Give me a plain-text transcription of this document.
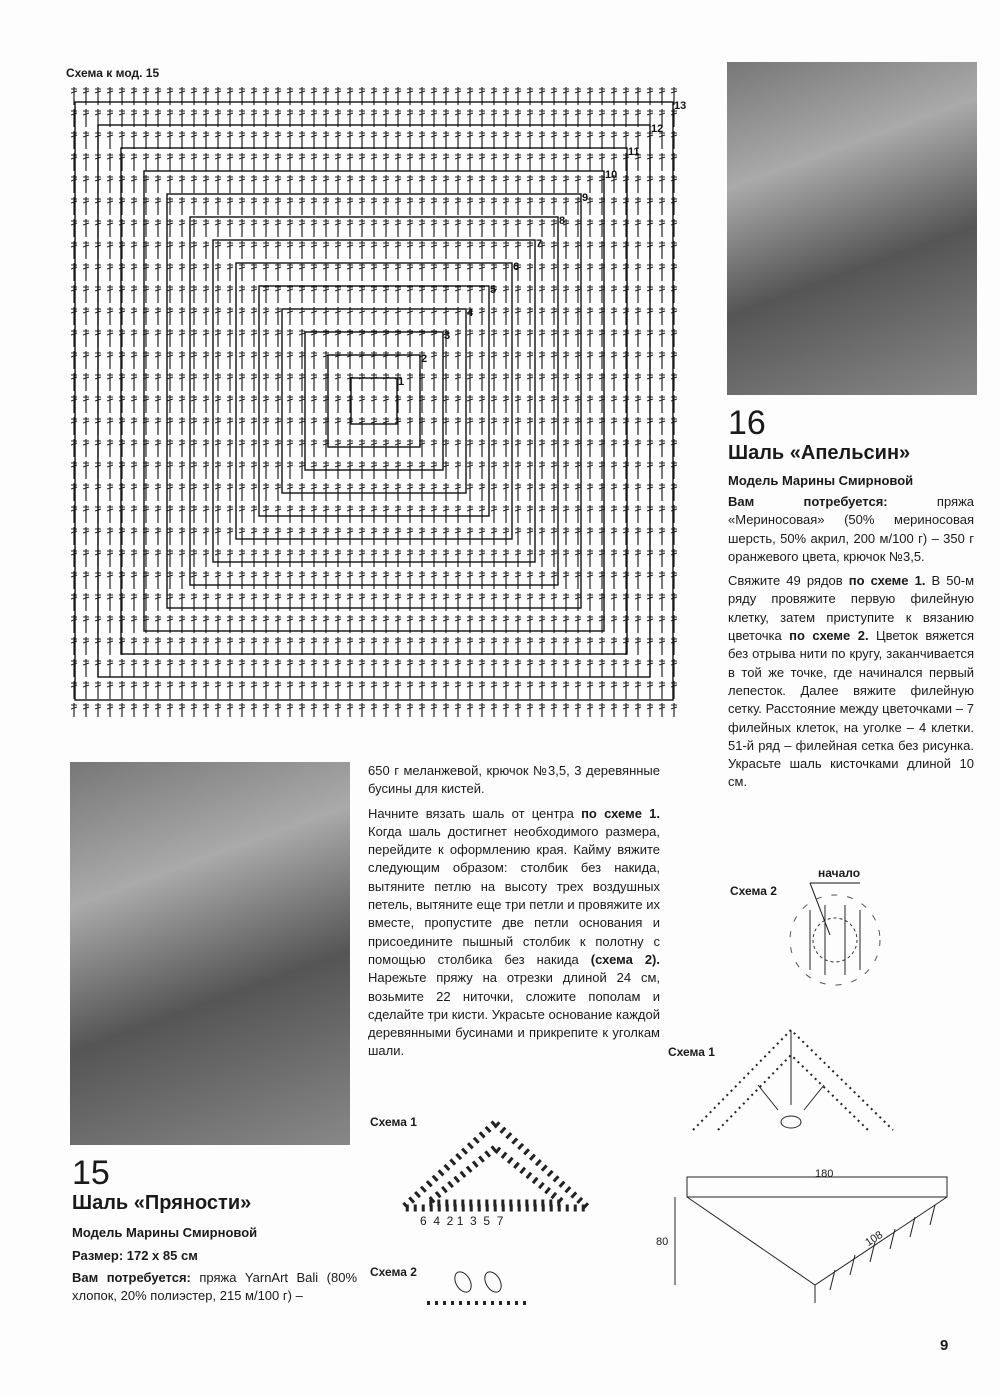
Схема к мод. 15
1
2
3
4
5
6
7
8
9
10
11
12
13
16
Шаль «Апельсин»
Модель Марины Смирновой

Вам потребуется:	пряжа «Мериносовая» (50% мериносовая шерсть, 50% акрил, 200 м/100 г) – 350 г оранжевого цвета, крючок №3,5.

Свяжите 49 рядов по схеме 1. В 50-м ряду провяжите первую филейную клетку, затем приступите к вязанию цветочка по схеме 2. Цветок вяжется без отрыва нити по кругу, заканчивается в той же точке, где начинался первый лепесток. Далее вяжите филейную сетку. Расстояние между цветочками – 7 филейных клеток, на уголке – 4 клетки. 51-й ряд – филейная сетка без рисунка. Украсьте шаль кисточками длиной 10 см.

Схема 2
начало
Схема 1
180
80	108
15
Шаль «Пряности»
Модель Марины Смирновой
Размер: 172 х 85 см
Вам потребуется: пряжа YarnArt Bali (80% хлопок, 20% полиэстер, 215 м/100 г) –

650 г меланжевой, крючок №3,5, 3 деревянные бусины для кистей.

Начните вязать шаль от центра по схеме 1. Когда шаль достигнет необходимого размера, перейдите к оформлению края. Кайму вяжите следующим образом: столбик без накида, вытяните петлю на высоту трех воздушных петель, вытяните еще три петли и провяжите их вместе, пропустите две петли основания и присоедините пышный столбик к полотну с помощью столбика без накида (схема 2). Нарежьте пряжу на отрезки длиной 24 см, возьмите 22 ниточки, сложите пополам и сделайте три кисти. Украсьте основание каждой деревянными бусинами и прикрепите к уголкам шали.

Схема 1
6  4  2 1  3  5  7
Схема 2
9
